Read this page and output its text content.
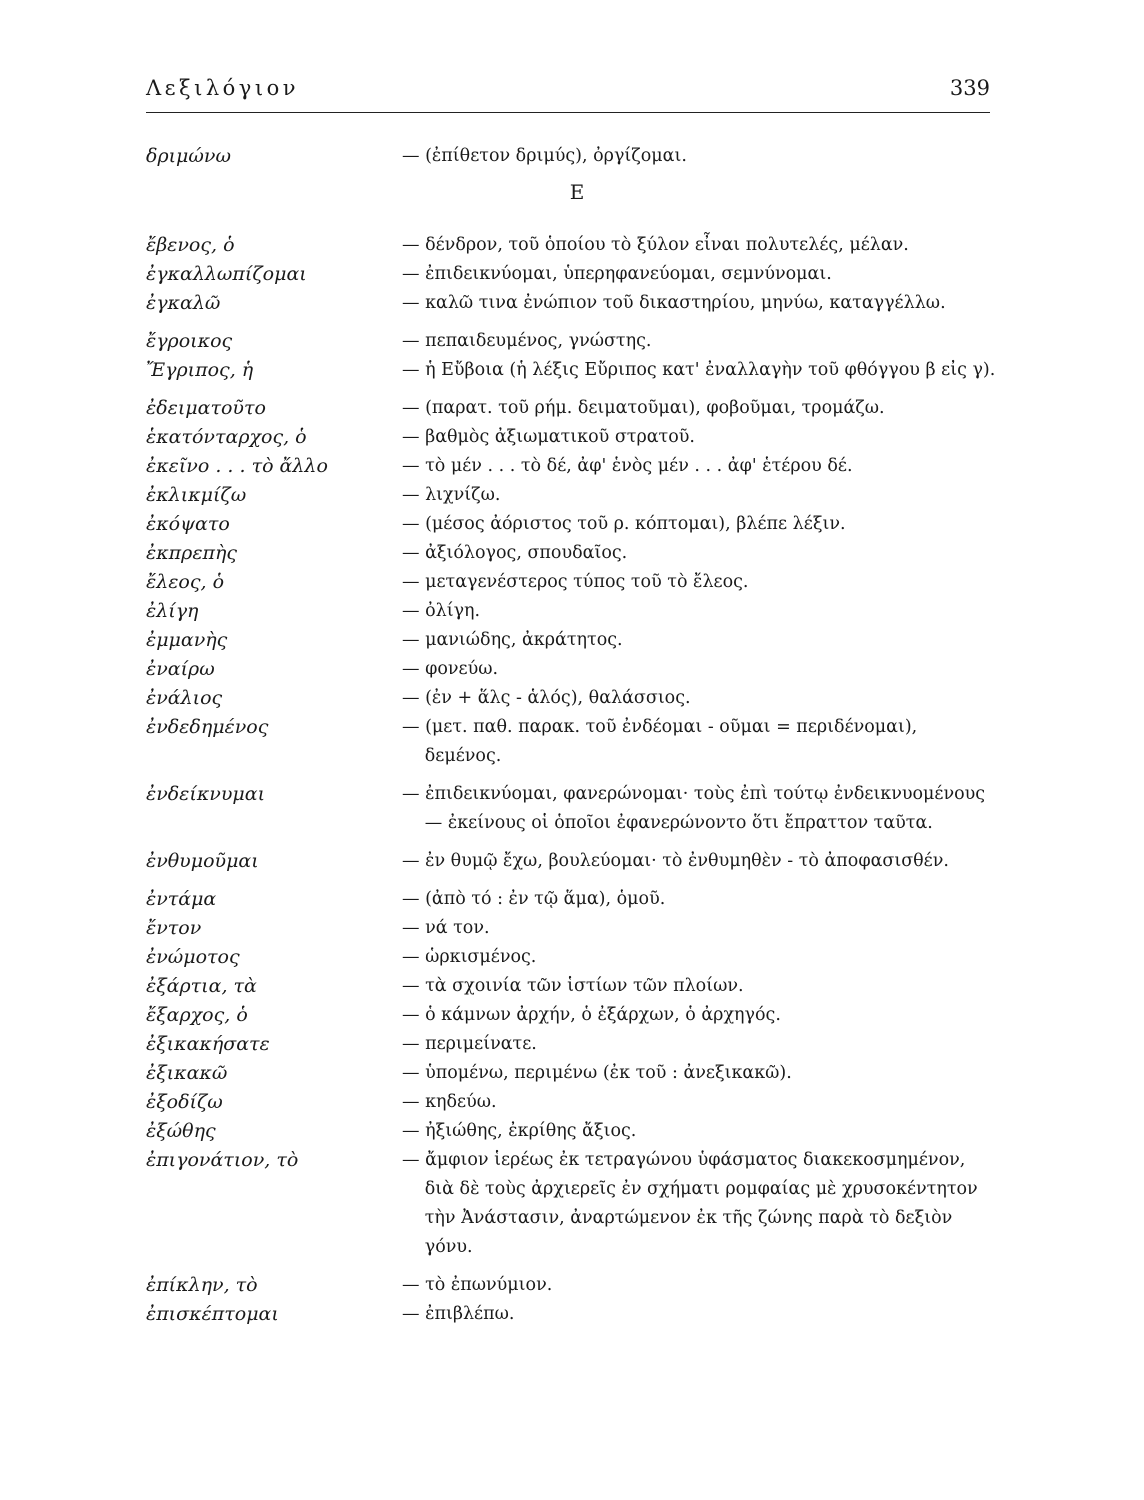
Λεξιλόγιον	339
δριμώνω	— (ἐπίθετον δριμύς), ὀργίζομαι.
Ε
ἔβενος, ὁ	— δένδρον, τοῦ ὁποίου τὸ ξύλον εἶναι πολυτελές, μέλαν.
ἐγκαλλωπίζομαι	— ἐπιδεικνύομαι, ὑπερηφανεύομαι, σεμνύνομαι.
ἐγκαλῶ	— καλῶ τινα ἐνώπιον τοῦ δικαστηρίου, μηνύω, καταγγέλλω.
ἔγροικος	— πεπαιδευμένος, γνώστης.
Ἔγριπος, ἡ	— ἡ Εὔβοια (ἡ λέξις Εὔριπος κατ' ἐναλλαγὴν τοῦ φθόγγου β εἰς γ).
ἐδειματοῦτο	— (παρατ. τοῦ ρήμ. δειματοῦμαι), φοβοῦμαι, τρομάζω.
ἑκατόνταρχος, ὁ	— βαθμὸς ἀξιωματικοῦ στρατοῦ.
ἐκεῖνο . . . τὸ ἄλλο	— τὸ μέν . . . τὸ δέ, ἀφ' ἑνὸς μέν . . . ἀφ' ἑτέρου δέ.
ἐκλικμίζω	— λιχνίζω.
ἐκόψατο	— (μέσος ἀόριστος τοῦ ρ. κόπτομαι), βλέπε λέξιν.
ἐκπρεπὴς	— ἀξιόλογος, σπουδαῖος.
ἔλεος, ὁ	— μεταγενέστερος τύπος τοῦ τὸ ἔλεος.
ἐλίγη	— ὀλίγη.
ἐμμανὴς	— μανιώδης, ἀκράτητος.
ἐναίρω	— φονεύω.
ἐνάλιος	— (ἐν + ἅλς - ἁλός), θαλάσσιος.
ἐνδεδημένος	— (μετ. παθ. παρακ. τοῦ ἐνδέομαι - οῦμαι = περιδένομαι), δεμένος.
ἐνδείκνυμαι	— ἐπιδεικνύομαι, φανερώνομαι· τοὺς ἐπὶ τούτῳ ἐνδεικνυομένους — ἐκείνους οἱ ὁποῖοι ἐφανερώνοντο ὅτι ἔπραττον ταῦτα.
ἐνθυμοῦμαι	— ἐν θυμῷ ἔχω, βουλεύομαι· τὸ ἐνθυμηθὲν - τὸ ἀποφασισθέν.
ἐντάμα	— (ἀπὸ τό : ἐν τῷ ἅμα), ὁμοῦ.
ἔντον	— νά τον.
ἐνώμοτος	— ὡρκισμένος.
ἐξάρτια, τὰ	— τὰ σχοινία τῶν ἱστίων τῶν πλοίων.
ἔξαρχος, ὁ	— ὁ κάμνων ἀρχήν, ὁ ἐξάρχων, ὁ ἀρχηγός.
ἐξικακήσατε	— περιμείνατε.
ἐξικακῶ	— ὑπομένω, περιμένω (ἐκ τοῦ : ἀνεξικακῶ).
ἐξοδίζω	— κηδεύω.
ἐξώθης	— ἠξιώθης, ἐκρίθης ἄξιος.
ἐπιγονάτιον, τὸ	— ἄμφιον ἱερέως ἐκ τετραγώνου ὑφάσματος διακεκοσμημένον, διὰ δὲ τοὺς ἀρχιερεῖς ἐν σχήματι ρομφαίας μὲ χρυσοκέντητον τὴν Ἀνάστασιν, ἀναρτώμενον ἐκ τῆς ζώνης παρὰ τὸ δεξιὸν γόνυ.
ἐπίκλην, τὸ	— τὸ ἐπωνύμιον.
ἐπισκέπτομαι	— ἐπιβλέπω.
